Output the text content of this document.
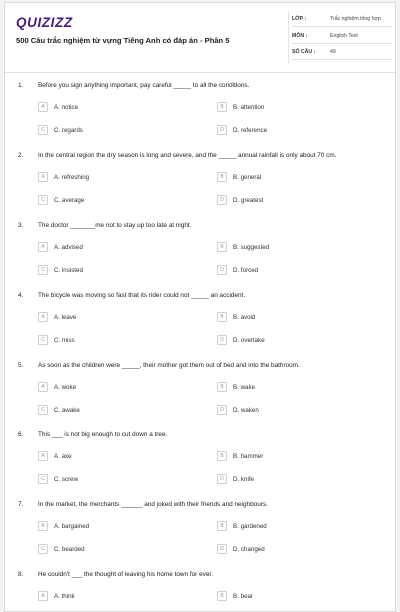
QUIZIZZ
500 Câu trắc nghiệm từ vựng Tiếng Anh có đáp án - Phần 5
LỚP :	Trắc nghiệm tổng hợp
MÔN :	English Test
SỐ CÂU :	49
1. Before you sign anything important, pay careful _____ to all the conditions.
A	A. notice	B	B. attention
C	C. regards	D	D. reference
2. In the central region the dry season is long and severe, and the _____ annual rainfall is only about 70 cm.
A	A. refreshing	B	B. general
C	C. average	D	D. greatest
3. The doctor _______me not to stay up too late at night.
A	A. advised	B	B. suggested
C	C. insisted	D	D. forced
4. The bicycle was moving so fast that its rider could not _____ an accident.
A	A. leave	B	B. avoid
C	C. miss	D	D. overtake
5. As soon as the children were _____, their mother got them out of bed and into the bathroom.
A	A. woke	B	B. wake
C	C. awake	D	D. waken
6. This ___ is not big enough to cut down a tree.
A	A. axe	B	B. hammer
C	C. screw	D	D. knife
7. In the market, the merchants ______ and joked with their friends and neighbours.
A	A. bargained	B	B. gardened
C	C. bearded	D	D. changed
8. He couldn't ___ the thought of leaving his home town for ever.
A	A. think	B	B. bear
